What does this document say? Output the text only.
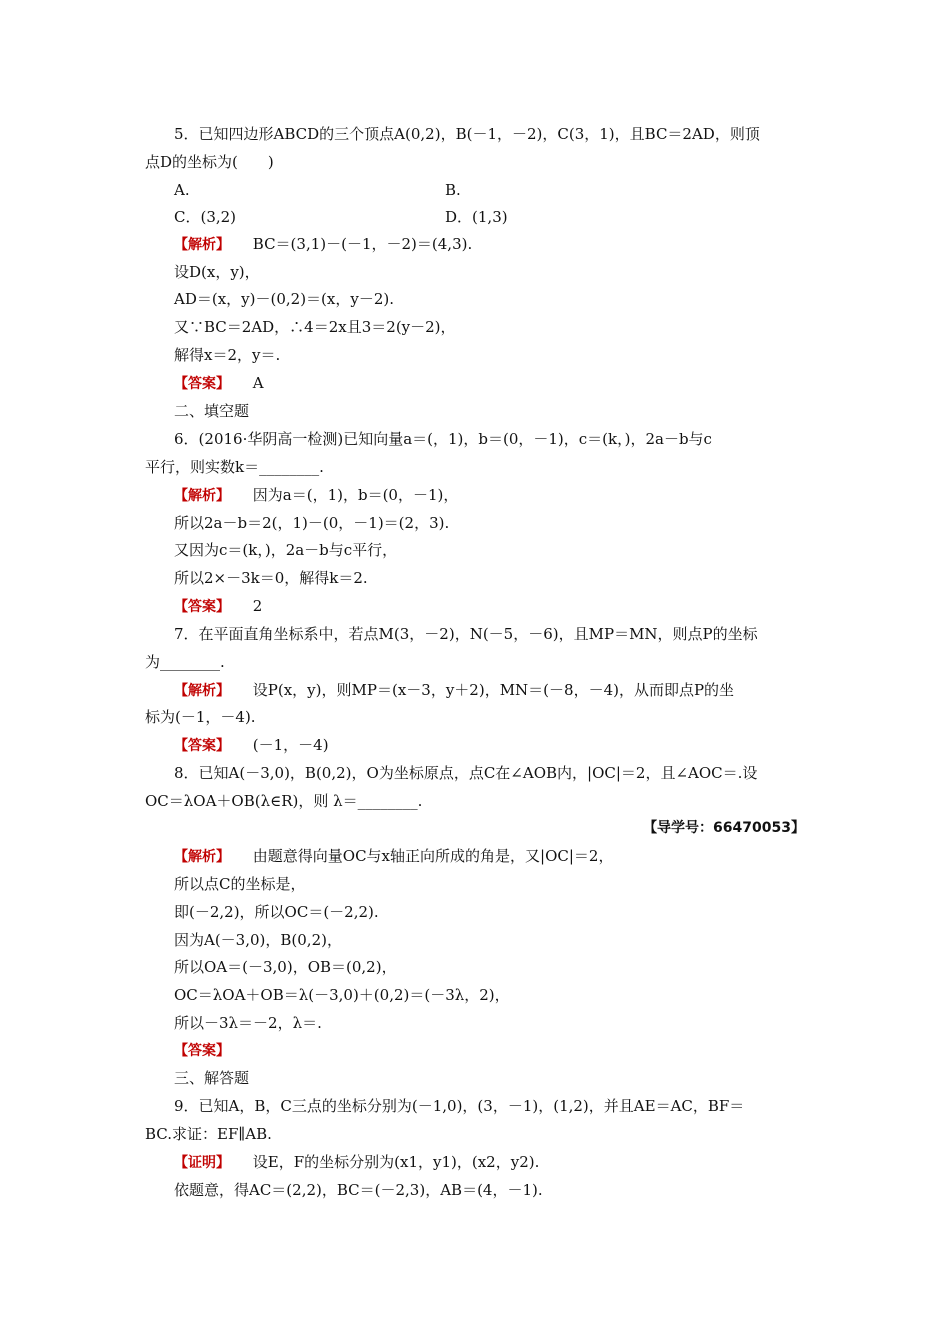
5．已知四边形ABCD的三个顶点A(0,2)，B(－1，－2)，C(3，1)，且BC＝2AD，则顶
点D的坐标为(　　)
A.	B.
C．(3,2)	D．(1,3)
【解析】 BC＝(3,1)－(－1，－2)＝(4,3).
设D(x，y)，
AD＝(x，y)－(0,2)＝(x，y－2).
又∵BC＝2AD，∴4＝2x且3＝2(y－2)，
解得x＝2，y＝.
【答案】 A
二、填空题
6．(2016·华阴高一检测)已知向量a＝(，1)，b＝(0，－1)，c＝(k，)，2a－b与c
平行，则实数k＝________.
【解析】 因为a＝(，1)，b＝(0，－1)，
所以2a－b＝2(，1)－(0，－1)＝(2，3).
又因为c＝(k，)，2a－b与c平行，
所以2×－3k＝0，解得k＝2.
【答案】 2
7．在平面直角坐标系中，若点M(3，－2)，N(－5，－6)，且MP＝MN，则点P的坐标
为________.
【解析】 设P(x，y)，则MP＝(x－3，y＋2)，MN＝(－8，－4)，从而即点P的坐
标为(－1，－4).
【答案】 (－1，－4)
8．已知A(－3,0)，B(0,2)，O为坐标原点，点C在∠AOB内，|OC|＝2，且∠AOC＝.设
OC＝λOA＋OB(λ∈R)，则 λ＝________.
【导学号：66470053】
【解析】 由题意得向量OC与x轴正向所成的角是，又|OC|＝2，
所以点C的坐标是，
即(－2,2)，所以OC＝(－2,2).
因为A(－3,0)，B(0,2)，
所以OA＝(－3,0)，OB＝(0,2)，
OC＝λOA＋OB＝λ(－3,0)＋(0,2)＝(－3λ，2)，
所以－3λ＝－2，λ＝.
【答案】
三、解答题
9．已知A，B，C三点的坐标分别为(－1,0)，(3，－1)，(1,2)，并且AE＝AC，BF＝
BC.求证：EF∥AB.
【证明】 设E，F的坐标分别为(x1，y1)，(x2，y2).
依题意，得AC＝(2,2)，BC＝(－2,3)，AB＝(4，－1).
